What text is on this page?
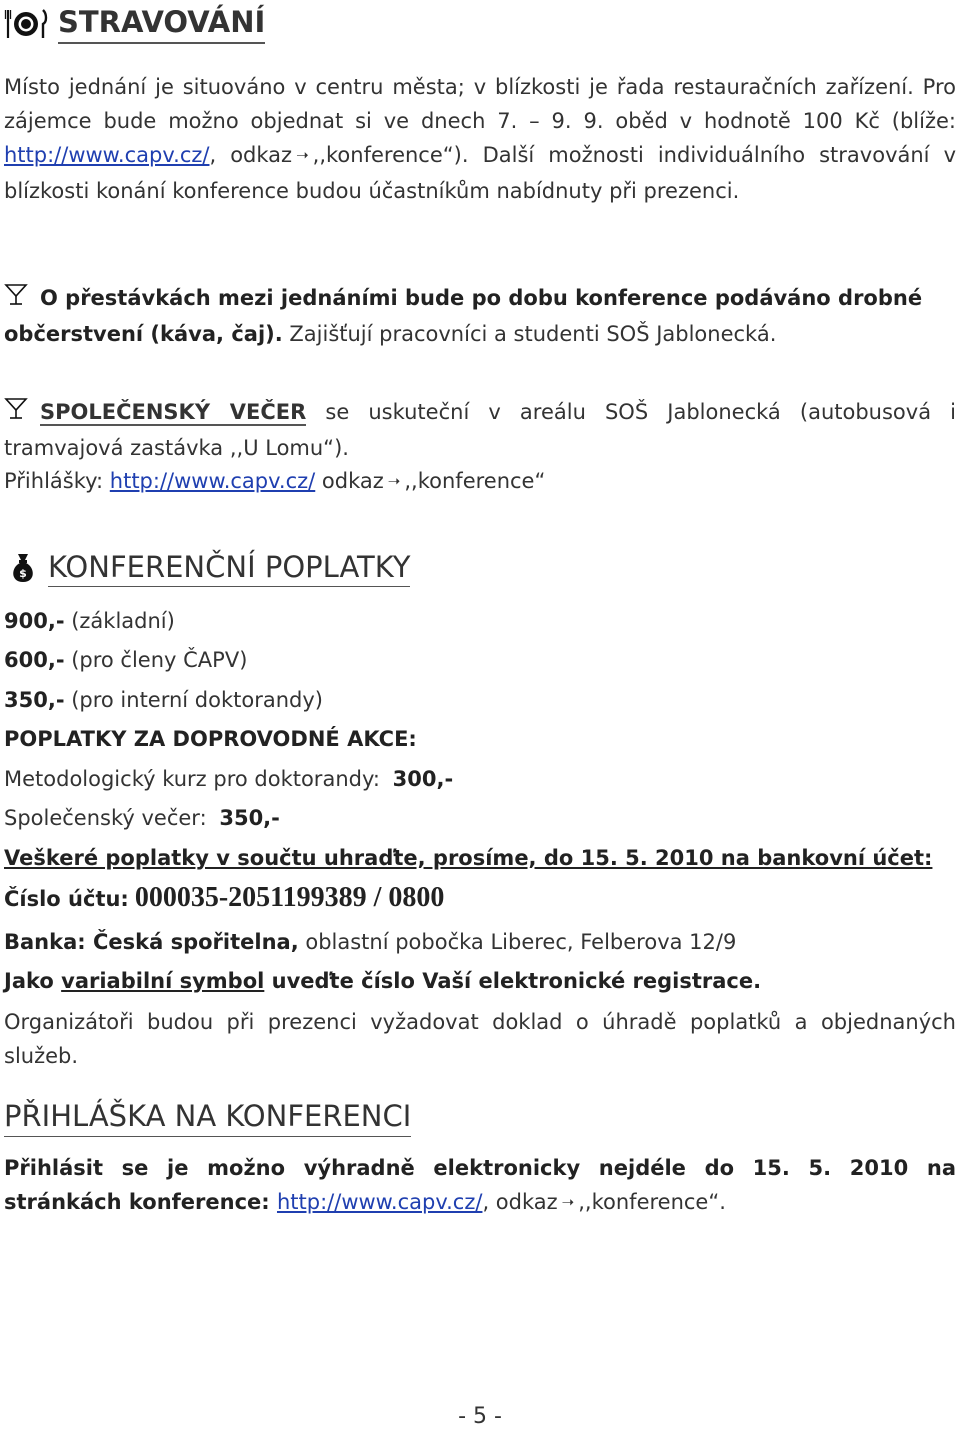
STRAVOVÁNÍ

Místo jednání je situováno v centru města; v blízkosti je řada restauračních zařízení. Pro zájemce bude možno objednat si ve dnech 7. – 9. 9. oběd v hodnotě 100 Kč (blíže: http://www.capv.cz/, odkaz ➝ ,,konference“). Další možnosti individuálního stravování v blízkosti konání konference budou účastníkům nabídnuty při prezenci.

O přestávkách mezi jednáními bude po dobu konference podáváno drobné občerstvení (káva, čaj). Zajišťují pracovníci a studenti SOŠ Jablonecká.

SPOLEČENSKÝ VEČER se uskuteční v areálu SOŠ Jablonecká (autobusová i tramvajová zastávka ,,U Lomu“).

Přihlášky: http://www.capv.cz/ odkaz ➝ ,,konference“

$ KONFERENČNÍ POPLATKY

900,- (základní)

600,- (pro členy ČAPV)

350,- (pro interní doktorandy)

POPLATKY ZA DOPROVODNÉ AKCE:

Metodologický kurz pro doktorandy: 300,-

Společenský večer: 350,-

Veškeré poplatky v součtu uhraďte, prosíme, do 15. 5. 2010 na bankovní účet:

Číslo účtu: 000035-2051199389 / 0800

Banka: Česká spořitelna, oblastní pobočka Liberec, Felberova 12/9

Jako variabilní symbol uveďte číslo Vaší elektronické registrace.

Organizátoři budou při prezenci vyžadovat doklad o úhradě poplatků a objednaných služeb.

PŘIHLÁŠKA NA KONFERENCI

Přihlásit se je možno výhradně elektronicky nejdéle do 15. 5. 2010 na stránkách konference: http://www.capv.cz/, odkaz ➝ ,,konference“.

- 5 -
